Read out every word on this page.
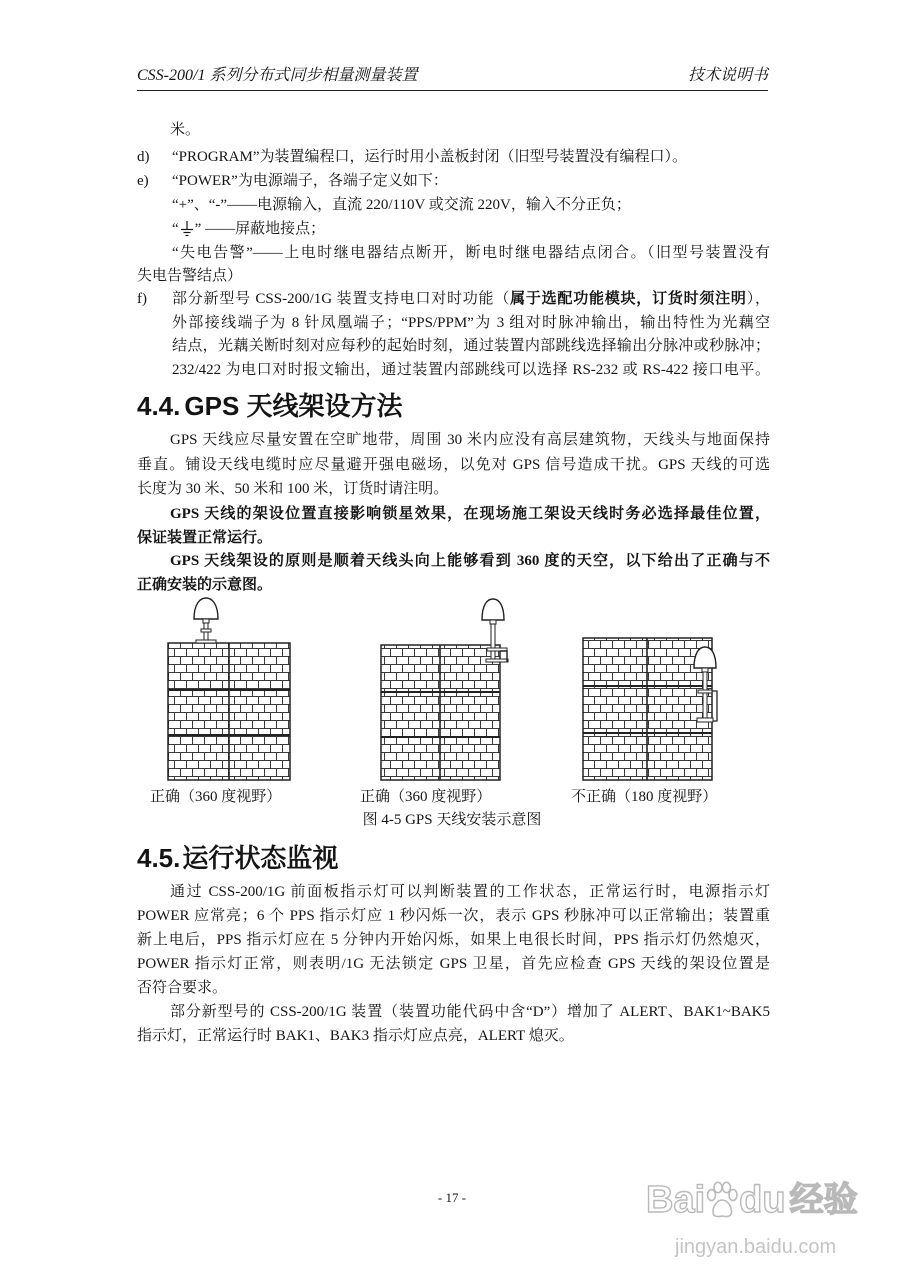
CSS-200/1 系列分布式同步相量测量装置	技术说明书
米。
d) “PROGRAM”为装置编程口，运行时用小盖板封闭（旧型号装置没有编程口）。
e) “POWER”为电源端子，各端子定义如下：
“+”、“-”——电源输入，直流 220/110V 或交流 220V，输入不分正负；
“ ” ——屏蔽地接点；
“失电告警”——上电时继电器结点断开，断电时继电器结点闭合。（旧型号装置没有
失电告警结点）
f) 部分新型号 CSS-200/1G 装置支持电口对时功能（属于选配功能模块，订货时须注明），
外部接线端子为 8 针凤凰端子；“PPS/PPM”为 3 组对时脉冲输出，输出特性为光藕空
结点，光藕关断时刻对应每秒的起始时刻，通过装置内部跳线选择输出分脉冲或秒脉冲；
232/422 为电口对时报文输出，通过装置内部跳线可以选择 RS-232 或 RS-422 接口电平。
4.4. GPS 天线架设方法
GPS 天线应尽量安置在空旷地带，周围 30 米内应没有高层建筑物，天线头与地面保持
垂直。铺设天线电缆时应尽量避开强电磁场，以免对 GPS 信号造成干扰。GPS 天线的可选
长度为 30 米、50 米和 100 米，订货时请注明。
GPS 天线的架设位置直接影响锁星效果，在现场施工架设天线时务必选择最佳位置，
保证装置正常运行。
GPS 天线架设的原则是顺着天线头向上能够看到 360 度的天空，以下给出了正确与不
正确安装的示意图。
正确（360 度视野）	正确（360 度视野）	不正确（180 度视野）
图 4-5 GPS 天线安装示意图
4.5.运行状态监视
通过 CSS-200/1G 前面板指示灯可以判断装置的工作状态，正常运行时，电源指示灯
POWER 应常亮；6 个 PPS 指示灯应 1 秒闪烁一次，表示 GPS 秒脉冲可以正常输出；装置重
新上电后，PPS 指示灯应在 5 分钟内开始闪烁，如果上电很长时间，PPS 指示灯仍然熄灭，
POWER 指示灯正常，则表明/1G 无法锁定 GPS 卫星，首先应检查 GPS 天线的架设位置是
否符合要求。
部分新型号的 CSS-200/1G 装置（装置功能代码中含“D”）增加了 ALERT、BAK1~BAK5
指示灯，正常运行时 BAK1、BAK3 指示灯应点亮，ALERT 熄灭。
- 17 -	Bai du 经验
jingyan.baidu.com
